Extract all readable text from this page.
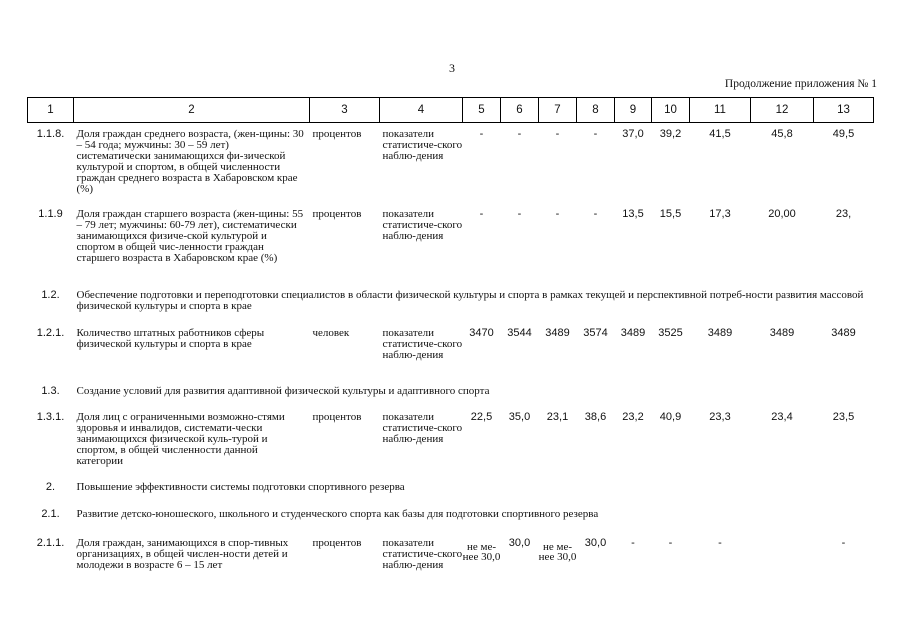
3
Продолжение приложения № 1
1	2	3	4	5	6	7	8	9	10	11	12	13
1.1.8.	Доля граждан среднего возраста, (жен-щины: 30 – 54 года; мужчины: 30 – 59 лет) систематически занимающихся фи-зической культурой и спортом, в общей численности граждан среднего возраста в Хабаровском крае (%)	процентов	показатели статистиче-ского наблю-дения	-	-	-	-	37,0	39,2	41,5	45,8	49,5
1.1.9	Доля граждан старшего возраста (жен-щины: 55 – 79 лет; мужчины: 60-79 лет), систематически занимающихся физиче-ской культурой и спортом в общей чис-ленности граждан старшего возраста в Хабаровском крае (%)	процентов	показатели статистиче-ского наблю-дения	-	-	-	-	13,5	15,5	17,3	20,00	23,
1.2.	Обеспечение подготовки и переподготовки специалистов в области физической культуры и спорта в рамках текущей и перспективной потреб-ности развития массовой физической культуры и спорта в крае											
1.2.1.	Количество штатных работников сферы физической культуры и спорта в крае	человек	показатели статистиче-ского наблю-дения	3470	3544	3489	3574	3489	3525	3489	3489	3489
1.3.	Создание условий для развития адаптивной физической культуры и адаптивного спорта											
1.3.1.	Доля лиц с ограниченными возможно-стями здоровья и инвалидов, системати-чески занимающихся физической куль-турой и спортом, в общей численности данной категории	процентов	показатели статистиче-ского наблю-дения	22,5	35,0	23,1	38,6	23,2	40,9	23,3	23,4	23,5
2.	Повышение эффективности системы подготовки спортивного резерва											
2.1.	Развитие детско-юношеского, школьного и студенческого спорта как базы для подготовки спортивного резерва											
2.1.1.	Доля граждан, занимающихся в спор-тивных организациях, в общей числен-ности детей и молодежи в возрасте 6 – 15 лет	процентов	показатели статистиче-ского наблю-дения	не ме-нее 30,0	30,0	не ме-нее 30,0	30,0	-	-	-		-
